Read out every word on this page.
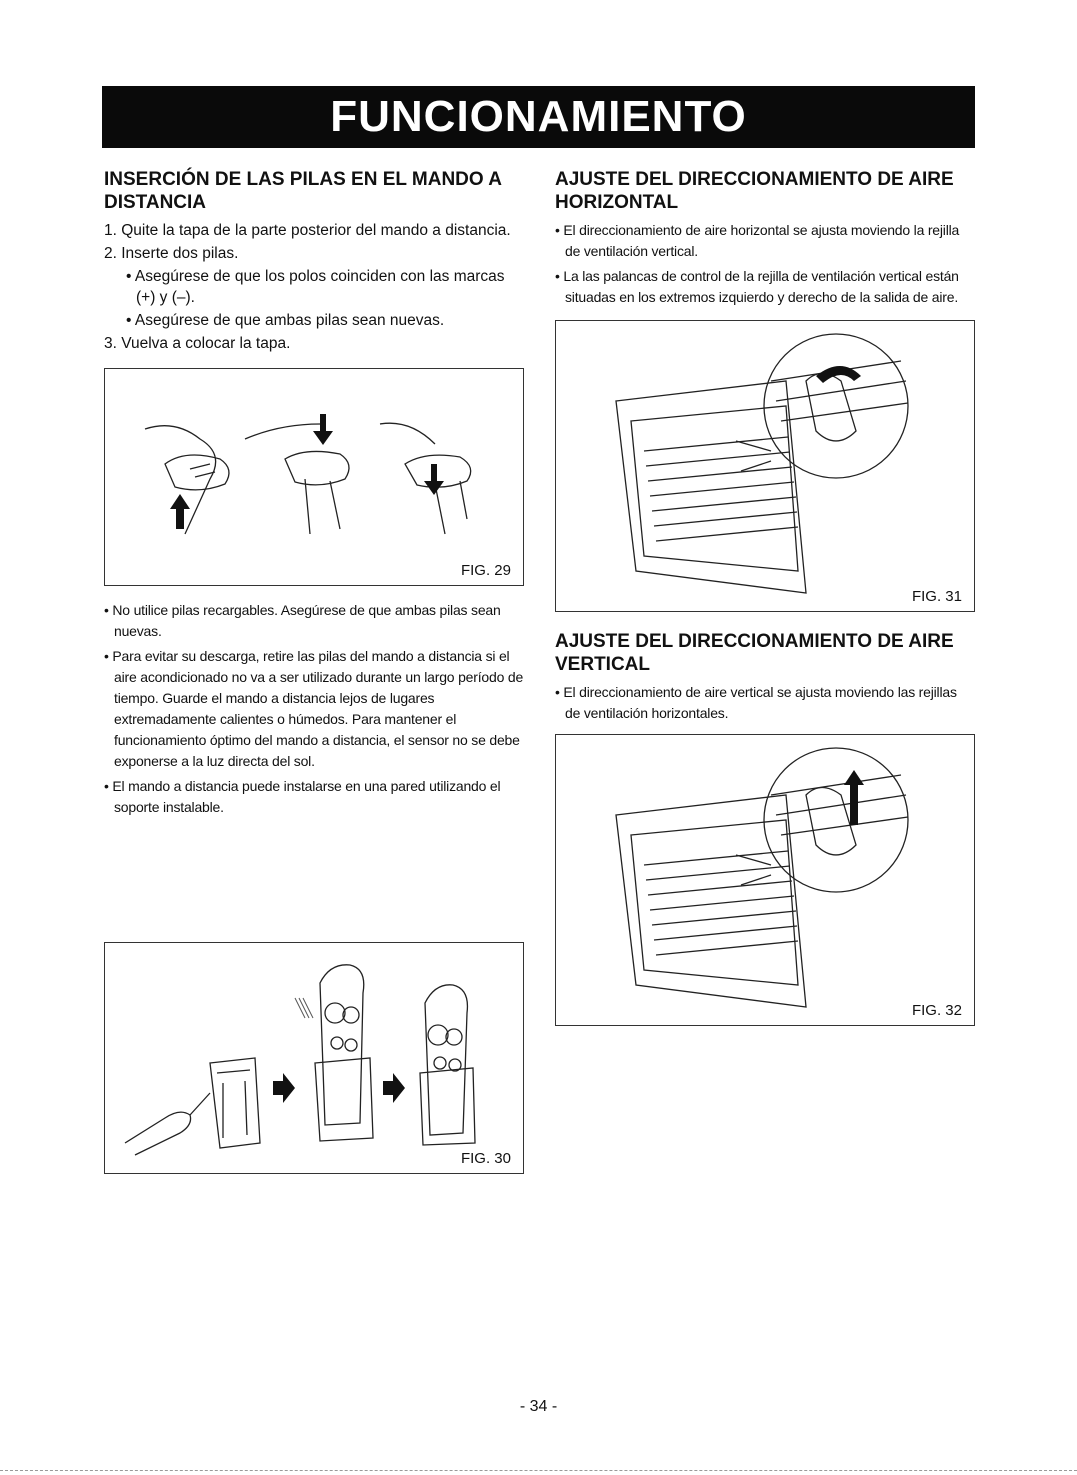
FUNCIONAMIENTO
INSERCIÓN DE LAS PILAS EN EL MANDO A DISTANCIA
1. Quite la tapa de la parte posterior del mando a distancia.
2. Inserte dos pilas.
• Asegúrese de que los polos coinciden con las marcas (+) y (–).
• Asegúrese de que ambas pilas sean nuevas.
3. Vuelva a colocar la tapa.
FIG. 29
• No utilice pilas recargables. Asegúrese de que ambas pilas sean nuevas.
• Para evitar su descarga, retire las pilas del mando a distancia si el aire acondicionado no va a ser utilizado durante un largo período de tiempo. Guarde el mando a distancia lejos de lugares extremadamente calientes o húmedos. Para mantener el funcionamiento óptimo del mando a distancia, el sensor no se debe exponerse a la luz directa del sol.
• El mando a distancia puede instalarse en una pared utilizando el soporte instalable.
FIG. 30
AJUSTE DEL DIRECCIONAMIENTO DE AIRE HORIZONTAL
• El direccionamiento de aire horizontal se ajusta moviendo la rejilla de ventilación vertical.
• La las palancas de control de la rejilla de ventilación vertical están situadas en los extremos izquierdo y derecho de la salida de aire.
FIG. 31
AJUSTE DEL DIRECCIONAMIENTO DE AIRE VERTICAL
• El direccionamiento de aire vertical se ajusta moviendo las rejillas de ventilación horizontales.
FIG. 32
- 34 -
